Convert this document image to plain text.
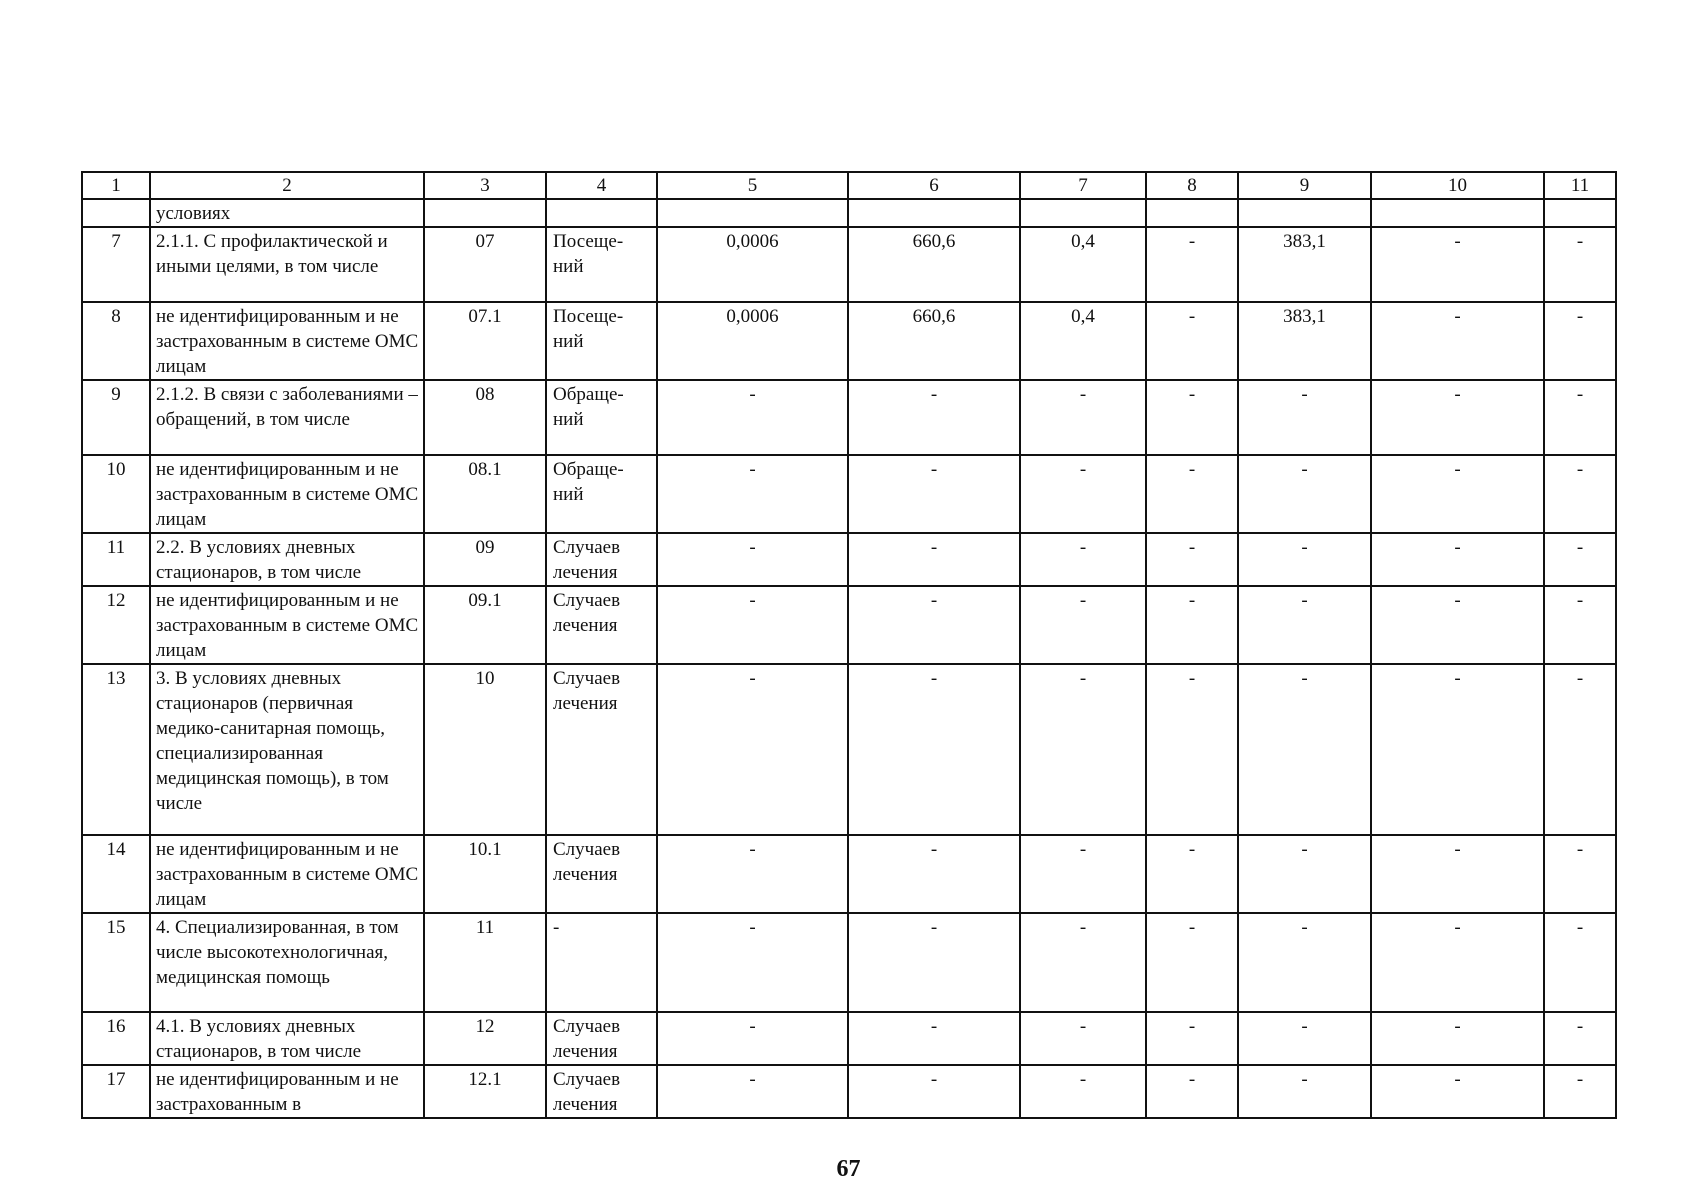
1	2	3	4	5	6	7	8	9	10	11
	условиях									
7	2.1.1. С профилактической и иными целями, в том числе	07	Посеще-ний	0,0006	660,6	0,4	-	383,1	-	-
8	не идентифицированным и не застрахованным в системе ОМС лицам	07.1	Посеще-ний	0,0006	660,6	0,4	-	383,1	-	-
9	2.1.2. В связи с заболеваниями – обращений, в том числе	08	Обраще-ний	-	-	-	-	-	-	-
10	не идентифицированным и не застрахованным в системе ОМС лицам	08.1	Обраще-ний	-	-	-	-	-	-	-
11	2.2. В условиях дневных стационаров, в том числе	09	Случаев лечения	-	-	-	-	-	-	-
12	не идентифицированным и не застрахованным в системе ОМС лицам	09.1	Случаев лечения	-	-	-	-	-	-	-
13	3. В условиях дневных стационаров (первичная медико-санитарная помощь, специализированная медицинская помощь), в том числе	10	Случаев лечения	-	-	-	-	-	-	-
14	не идентифицированным и не застрахованным в системе ОМС лицам	10.1	Случаев лечения	-	-	-	-	-	-	-
15	4. Специализированная, в том числе высокотехнологичная, медицинская помощь	11	-	-	-	-	-	-	-	-
16	4.1. В условиях дневных стационаров, в том числе	12	Случаев лечения	-	-	-	-	-	-	-
17	не идентифицированным и не застрахованным в	12.1	Случаев лечения	-	-	-	-	-	-	-
67
